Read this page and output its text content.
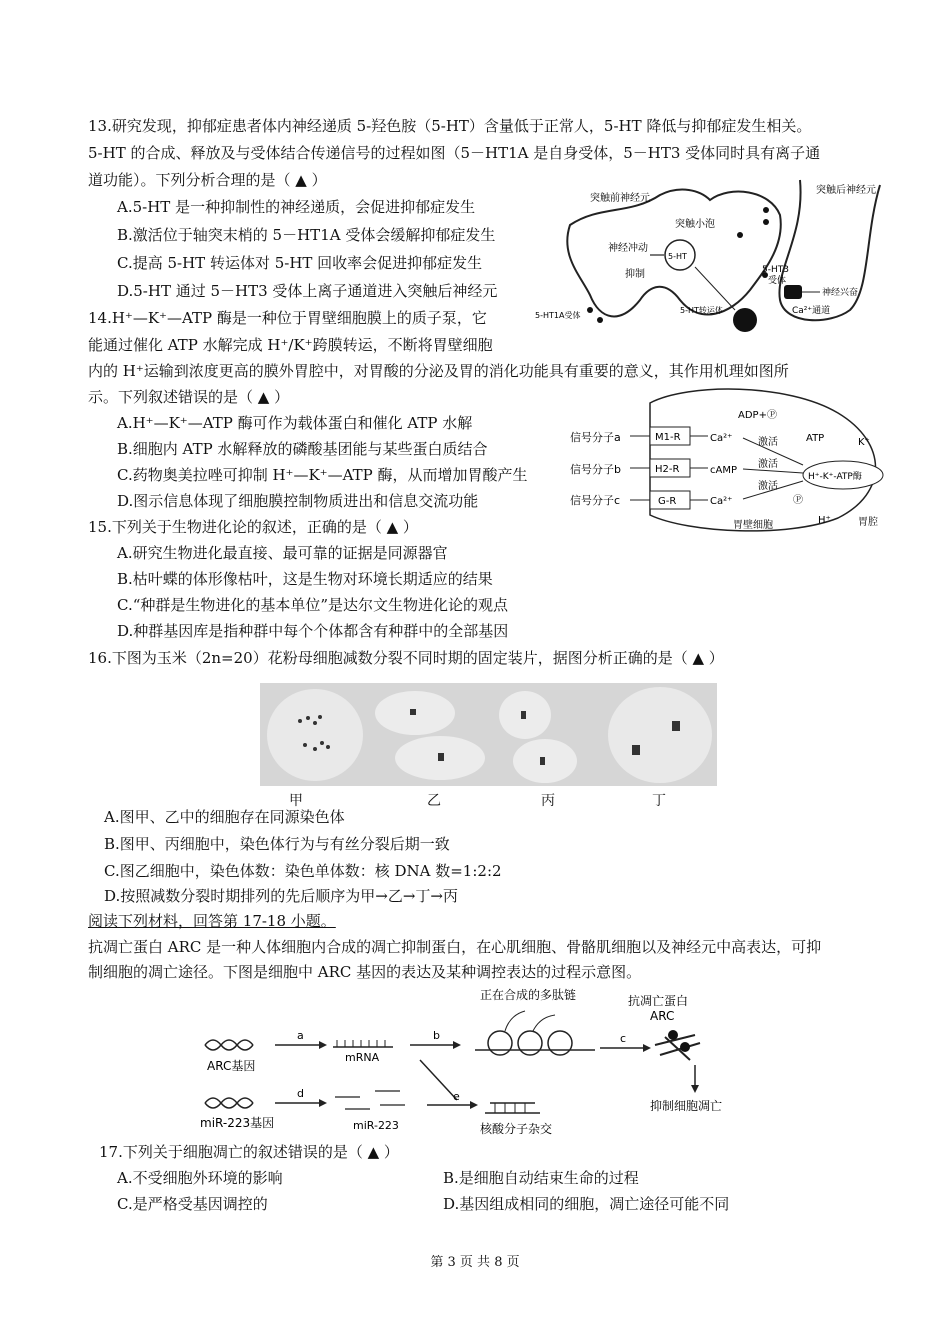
13.研究发现，抑郁症患者体内神经递质 5-羟色胺（5-HT）含量低于正常人，5-HT 降低与抑郁症发生相关。
5-HT 的合成、释放及与受体结合传递信号的过程如图（5－HT1A 是自身受体，5－HT3 受体同时具有离子通
道功能）。下列分析合理的是（ ▲ ）
A.5-HT 是一种抑制性的神经递质，会促进抑郁症发生
B.激活位于轴突末梢的 5－HT1A 受体会缓解抑郁症发生
C.提高 5-HT 转运体对 5-HT 回收率会促进抑郁症发生
D.5-HT 通过 5－HT3 受体上离子通道进入突触后神经元
突触前神经元
突触后神经元
突触小泡
神经冲动
抑制
5-HT
5-HT3
受体
神经兴奋
Ca²⁺通道
5-HT1A受体
5-HT转运体
14.H⁺—K⁺—ATP 酶是一种位于胃壁细胞膜上的质子泵，它
能通过催化 ATP 水解完成 H⁺/K⁺跨膜转运，不断将胃壁细胞
内的 H⁺运输到浓度更高的膜外胃腔中，对胃酸的分泌及胃的消化功能具有重要的意义，其作用机理如图所
示。下列叙述错误的是（ ▲ ）
A.H⁺—K⁺—ATP 酶可作为载体蛋白和催化 ATP 水解
B.细胞内 ATP 水解释放的磷酸基团能与某些蛋白质结合
C.药物奥美拉唑可抑制 H⁺—K⁺—ATP 酶，从而增加胃酸产生
D.图示信息体现了细胞膜控制物质进出和信息交流功能
信号分子a
信号分子b
信号分子c
M1-R
H2-R
G-R
Ca²⁺
cAMP
Ca²⁺
激活
激活
激活
ADP+Ⓟ
ATP	K⁺
H⁺-K⁺-ATP酶
Ⓟ
胃壁细胞	H⁺	胃腔
15.下列关于生物进化论的叙述，正确的是（ ▲ ）
A.研究生物进化最直接、最可靠的证据是同源器官
B.枯叶蝶的体形像枯叶，这是生物对环境长期适应的结果
C.“种群是生物进化的基本单位”是达尔文生物进化论的观点
D.种群基因库是指种群中每个个体都含有种群中的全部基因
16.下图为玉米（2n=20）花粉母细胞减数分裂不同时期的固定装片，据图分析正确的是（ ▲ ）
甲	乙	丙	丁
A.图甲、乙中的细胞存在同源染色体
B.图甲、丙细胞中，染色体行为与有丝分裂后期一致
C.图乙细胞中，染色体数：染色单体数：核 DNA 数=1:2:2
D.按照减数分裂时期排列的先后顺序为甲→乙→丁→丙
阅读下列材料，回答第 17-18 小题。
抗凋亡蛋白 ARC 是一种人体细胞内合成的凋亡抑制蛋白，在心肌细胞、骨骼肌细胞以及神经元中高表达，可抑
制细胞的凋亡途径。下图是细胞中 ARC 基因的表达及某种调控表达的过程示意图。
ARC基因
a
mRNA
b
正在合成的多肽链
c
抗凋亡蛋白
ARC
抑制细胞凋亡
miR-223基因
d
miR-223
e
核酸分子杂交
17.下列关于细胞凋亡的叙述错误的是（ ▲ ）
A.不受细胞外环境的影响	B.是细胞自动结束生命的过程
C.是严格受基因调控的	D.基因组成相同的细胞，凋亡途径可能不同
第 3 页 共 8 页
